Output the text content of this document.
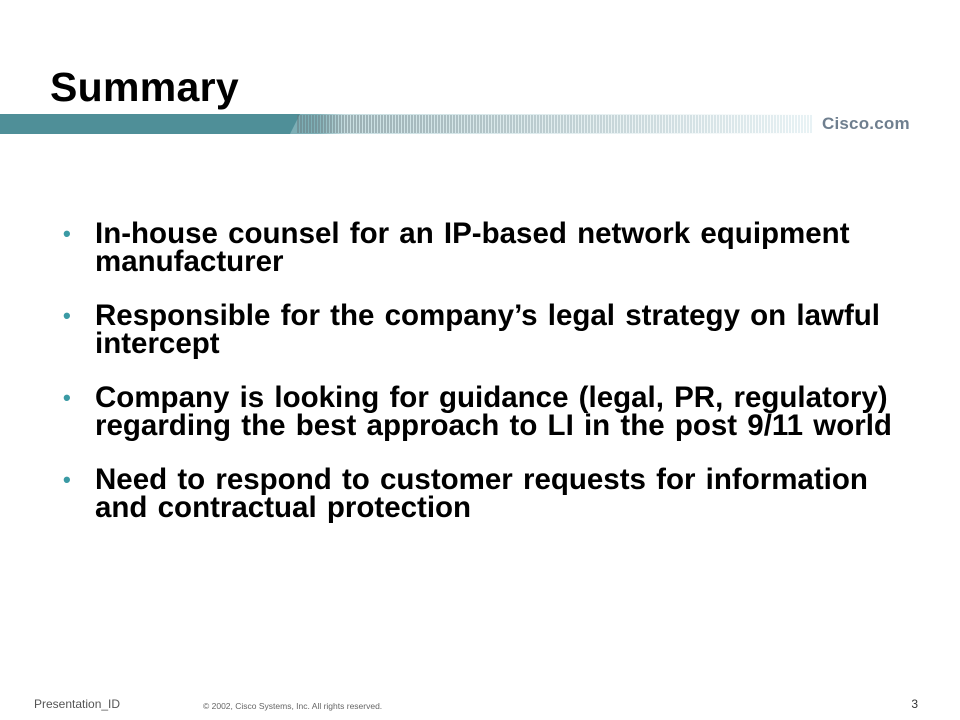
Summary
Cisco.com
• In-house counsel for an IP-based network equipment manufacturer
• Responsible for the company’s legal strategy on lawful intercept
• Company is looking for guidance (legal, PR, regulatory) regarding the best approach to LI in the post 9/11 world
• Need to respond to customer requests for information and contractual protection
Presentation_ID	© 2002, Cisco Systems, Inc. All rights reserved.	3
